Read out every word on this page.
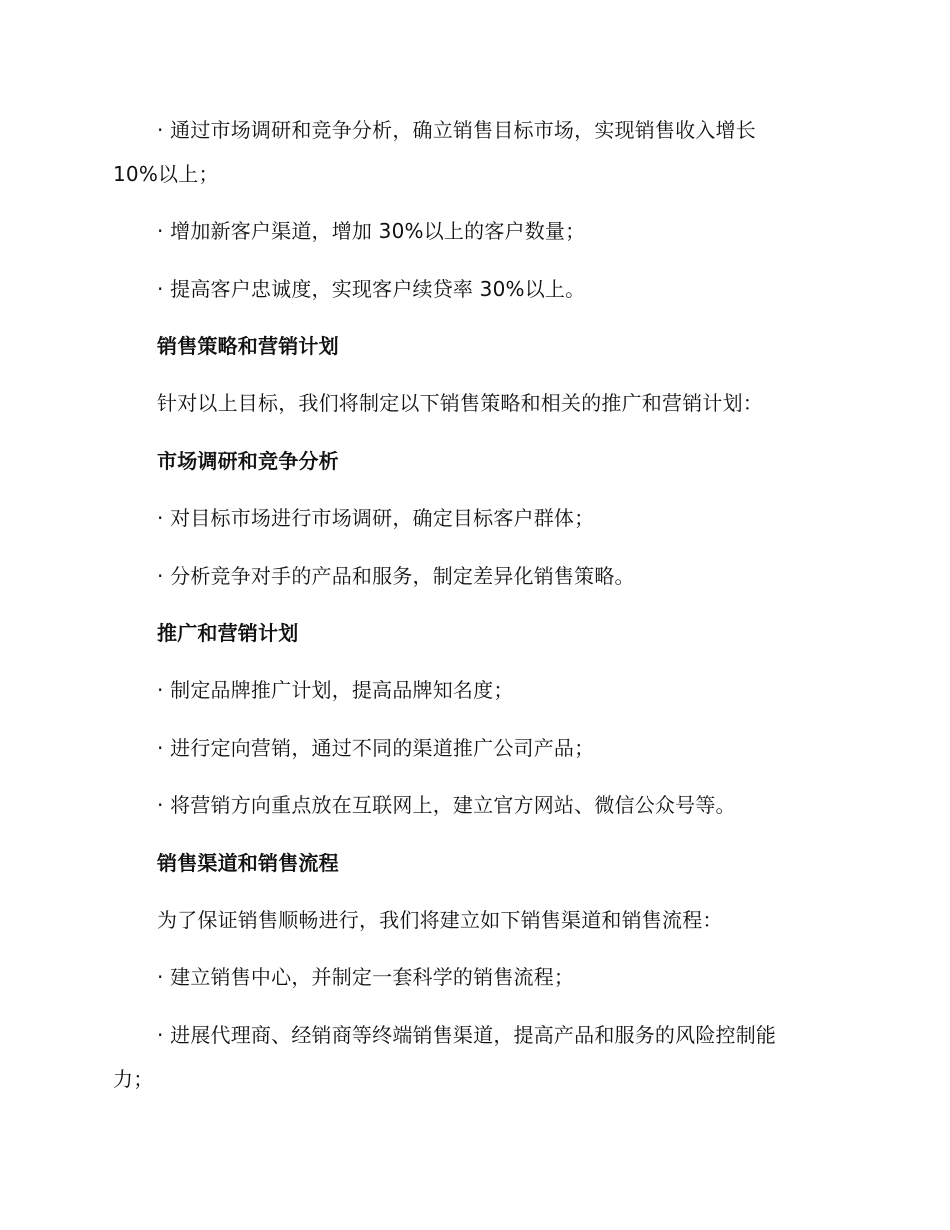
· 通过市场调研和竞争分析，确立销售目标市场，实现销售收入增长
10%以上；
· 增加新客户渠道，增加 30%以上的客户数量；
· 提高客户忠诚度，实现客户续贷率 30%以上。
销售策略和营销计划
针对以上目标，我们将制定以下销售策略和相关的推广和营销计划：
市场调研和竞争分析
· 对目标市场进行市场调研，确定目标客户群体；
· 分析竞争对手的产品和服务，制定差异化销售策略。
推广和营销计划
· 制定品牌推广计划，提高品牌知名度；
· 进行定向营销，通过不同的渠道推广公司产品；
· 将营销方向重点放在互联网上，建立官方网站、微信公众号等。
销售渠道和销售流程
为了保证销售顺畅进行，我们将建立如下销售渠道和销售流程：
· 建立销售中心，并制定一套科学的销售流程；
· 进展代理商、经销商等终端销售渠道，提高产品和服务的风险控制能
力；
